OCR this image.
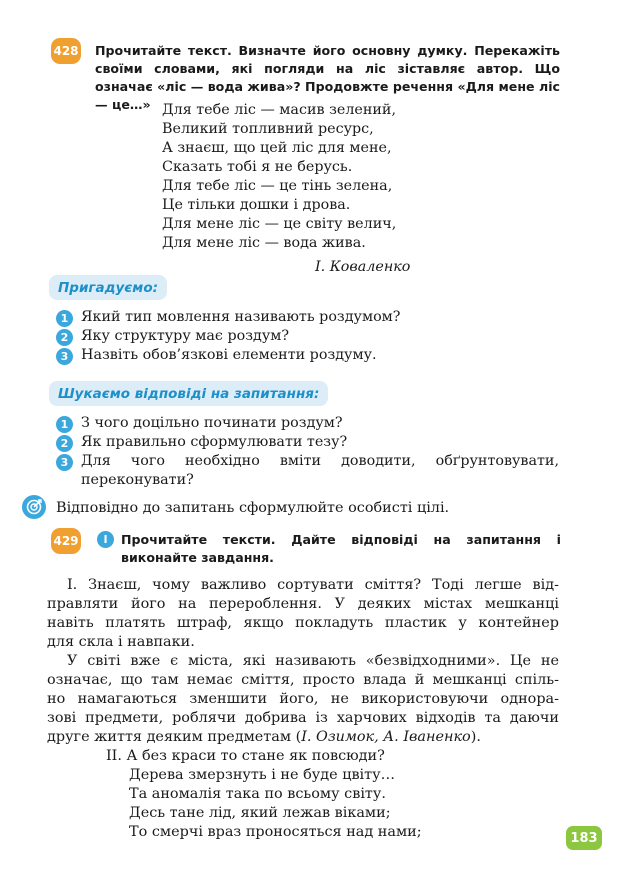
428 Прочитайте текст. Визначте його основну думку. Перекажіть своїми словами, які погляди на ліс зіставляє автор. Що означає «ліс — вода жива»? Продовжте речення «Для мене ліс — це…» Для тебе ліс — масив зелений,
Великий топливний ресурс,
А знаєш, що цей ліс для мене,
Сказать тобі я не берусь.
Для тебе ліс — це тінь зелена,
Це тільки дошки і дрова.
Для мене ліс — це світу велич,
Для мене ліс — вода жива.
І. Коваленко
Пригадуємо:
1 Який тип мовлення називають роздумом?
2 Яку структуру має роздум?
3 Назвіть обов’язкові елементи роздуму.
Шукаємо відповіді на запитання:
1 З чого доцільно починати роздум?
2 Як правильно сформулювати тезу?
3 Для чого необхідно вміти доводити, обґрунтовувати, переконувати?
Відповідно до запитань сформулюйте особисті цілі.
429	І	Прочитайте тексти. Дайте відповіді на запитання і виконайте завдання.
І. Знаєш, чому важливо сортувати сміття? Тоді легше від-
правляти його на перероблення. У деяких містах мешканці
навіть платять штраф, якщо покладуть пластик у контейнер
для скла і навпаки.
У світі вже є міста, які називають «безвідходними». Це не
означає, що там немає сміття, просто влада й мешканці спіль-
но намагаються зменшити його, не використовуючи однора-
зові предмети, роблячи добрива із харчових відходів та даючи
друге життя деяким предметам (І. Озимок, А. Іваненко).
ІІ. А без краси то стане як повсюди?
Дерева змерзнуть і не буде цвіту…
Та аномалія така по всьому світу.
Десь тане лід, який лежав віками;
То смерчі враз проносяться над нами;	183
